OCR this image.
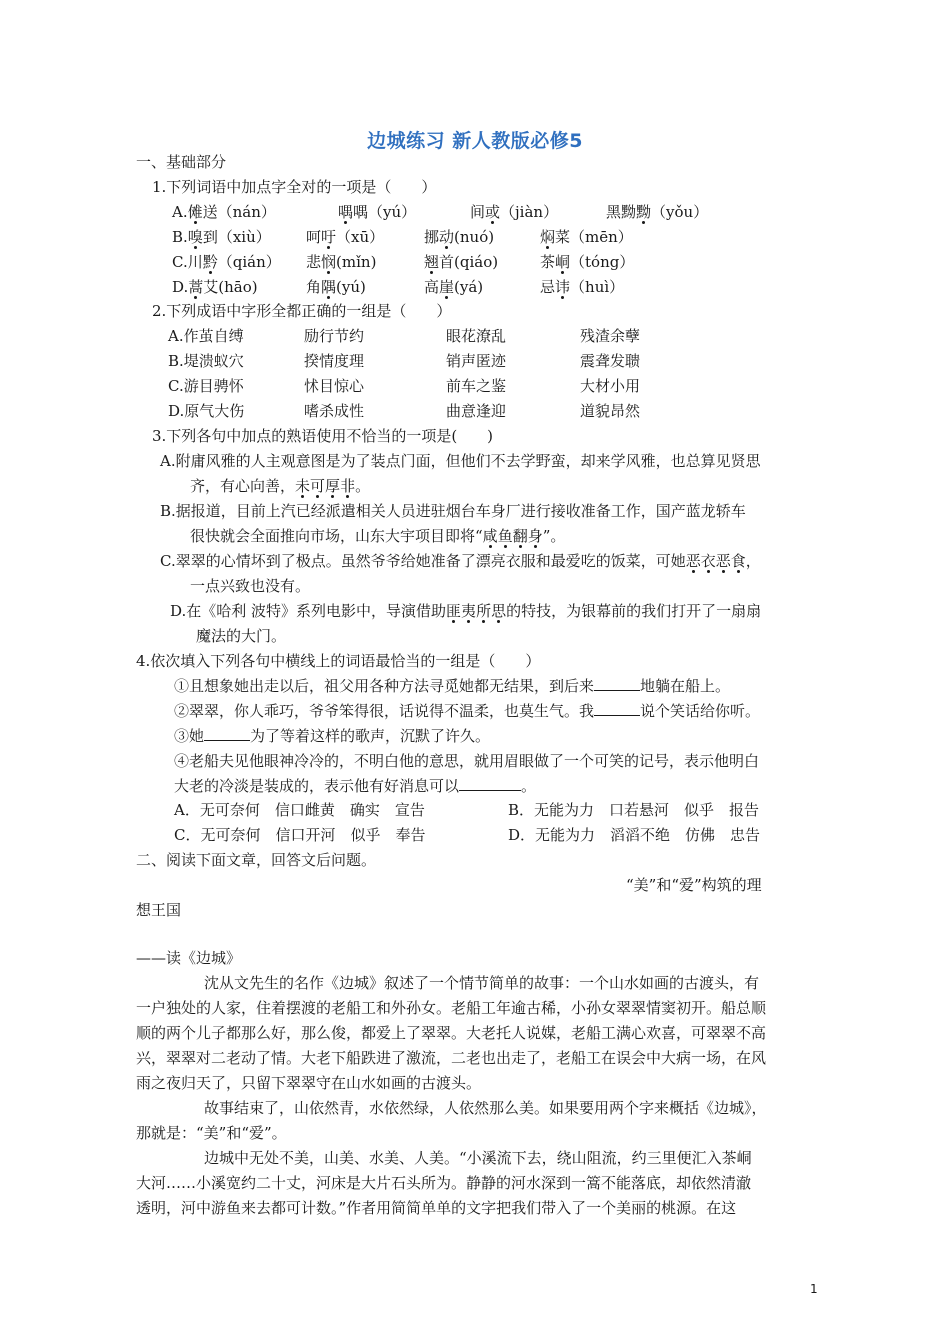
边城练习 新人教版必修5
一、基础部分
1.下列词语中加点字全对的一项是（　　）
A.傩送（nán）	喁喁（yú）	间或（jiàn）	黑黝黝（yǒu）
B.嗅到（xiù） 呵吁（xū）	挪动(nuó)	焖菜（mēn）
C.川黔（qián） 悲悯(mǐn)	翘首(qiáo)	茶峒（tóng）
D.蒿艾(hāo)	角隅(yú)	高崖(yá)	忌讳（huì）
2.下列成语中字形全都正确的一组是（　　）
A.作茧自缚	励行节约	眼花潦乱	残渣余孽
B.堤溃蚁穴	揆情度理	销声匿迹	震聋发聩
C.游目骋怀	怵目惊心	前车之鉴	大材小用
D.原气大伤	嗜杀成性	曲意逢迎	道貌昂然
3.下列各句中加点的熟语使用不恰当的一项是(　　)
A.附庸风雅的人主观意图是为了装点门面，但他们不去学野蛮，却来学风雅，也总算见贤思
齐，有心向善，未可厚非。
B.据报道，目前上汽已经派遣相关人员进驻烟台车身厂进行接收准备工作，国产蓝龙轿车
很快就会全面推向市场，山东大宇项目即将“咸鱼翻身”。
C.翠翠的心情坏到了极点。虽然爷爷给她准备了漂亮衣服和最爱吃的饭菜，可她恶衣恶食，
一点兴致也没有。
D.在《哈利 波特》系列电影中，导演借助匪夷所思的特技，为银幕前的我们打开了一扇扇
魔法的大门。
4.依次填入下列各句中横线上的词语最恰当的一组是（　　）
①且想象她出走以后，祖父用各种方法寻觅她都无结果，到后来	地躺在船上。
②翠翠，你人乖巧，爷爷笨得很，话说得不温柔，也莫生气。我	说个笑话给你听。
③她	为了等着这样的歌声，沉默了许久。
④老船夫见他眼神冷冷的，不明白他的意思，就用眉眼做了一个可笑的记号，表示他明白
大老的冷淡是装成的，表示他有好消息可以	。
A．无可奈何　信口雌黄　确实　宣告	B．无能为力　口若悬河　似乎　报告
C．无可奈何　信口开河　似乎　奉告	D．无能为力　滔滔不绝　仿佛　忠告
二、阅读下面文章，回答文后问题。
“美”和“爱”构筑的理
想王国
——读《边城》
沈从文先生的名作《边城》叙述了一个情节简单的故事：一个山水如画的古渡头，有
一户独处的人家，住着摆渡的老船工和外孙女。老船工年逾古稀，小孙女翠翠情窦初开。船总顺
顺的两个儿子都那么好，那么俊，都爱上了翠翠。大老托人说媒，老船工满心欢喜，可翠翠不高
兴，翠翠对二老动了情。大老下船跌进了激流，二老也出走了，老船工在误会中大病一场，在风
雨之夜归天了，只留下翠翠守在山水如画的古渡头。
故事结束了，山依然青，水依然绿，人依然那么美。如果要用两个字来概括《边城》，
那就是：“美”和“爱”。
边城中无处不美，山美、水美、人美。“小溪流下去，绕山阻流，约三里便汇入茶峒
大河……小溪宽约二十丈，河床是大片石头所为。静静的河水深到一篙不能落底，却依然清澈
透明，河中游鱼来去都可计数。”作者用简简单单的文字把我们带入了一个美丽的桃源。在这
1
